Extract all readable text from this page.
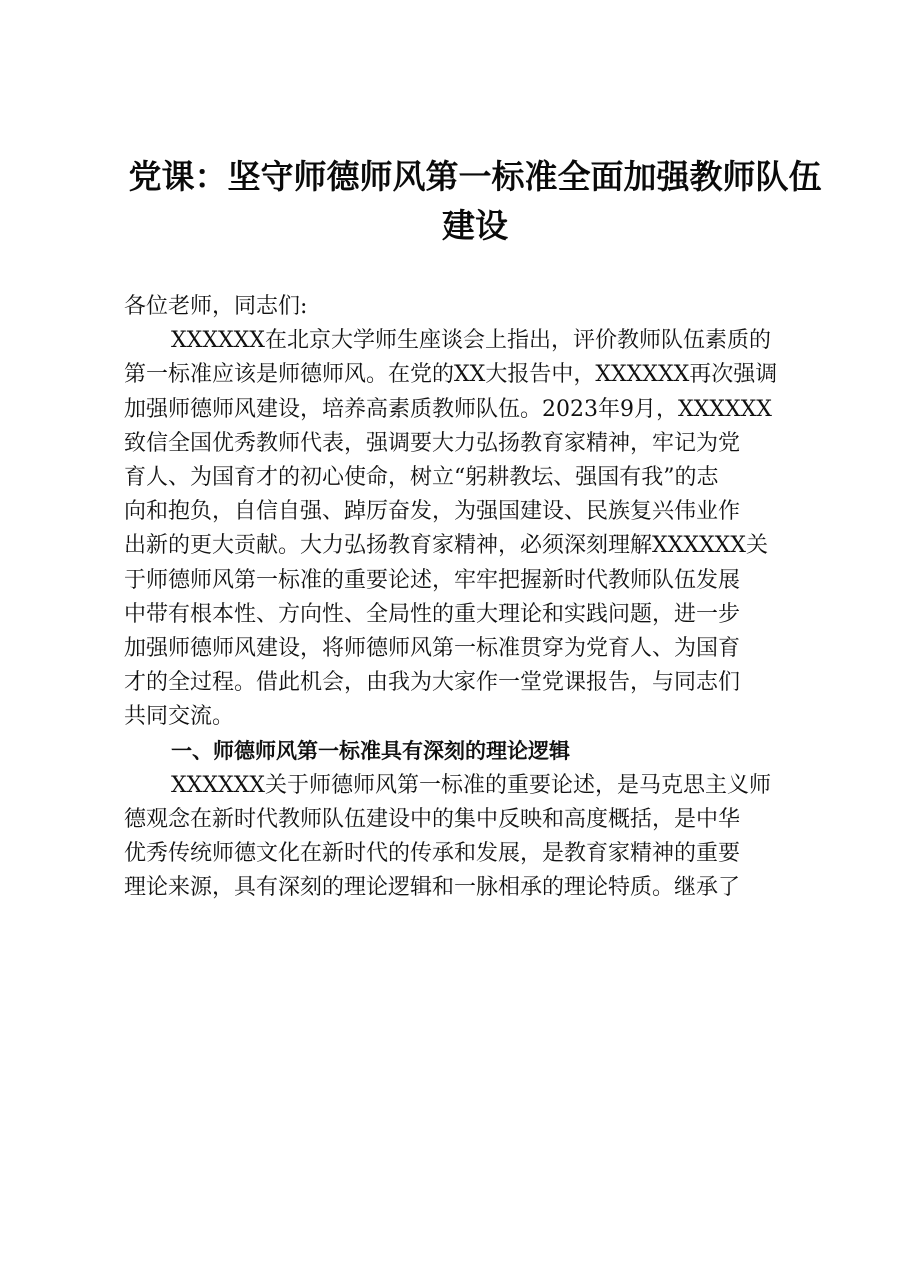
党课：坚守师德师风第一标准全面加强教师队伍
建设
各位老师，同志们:
XXXXXX在北京大学师生座谈会上指出，评价教师队伍素质的
第一标准应该是师德师风。在党的XX大报告中，XXXXXX再次强调
加强师德师风建设，培养高素质教师队伍。2023年9月，XXXXXX
致信全国优秀教师代表，强调要大力弘扬教育家精神，牢记为党
育人、为国育才的初心使命，树立“躬耕教坛、强国有我”的志
向和抱负，自信自强、踔厉奋发，为强国建设、民族复兴伟业作
出新的更大贡献。大力弘扬教育家精神，必须深刻理解XXXXXX关
于师德师风第一标准的重要论述，牢牢把握新时代教师队伍发展
中带有根本性、方向性、全局性的重大理论和实践问题，进一步
加强师德师风建设，将师德师风第一标准贯穿为党育人、为国育
才的全过程。借此机会，由我为大家作一堂党课报告，与同志们
共同交流。
一、师德师风第一标准具有深刻的理论逻辑
XXXXXX关于师德师风第一标准的重要论述，是马克思主义师
德观念在新时代教师队伍建设中的集中反映和高度概括，是中华
优秀传统师德文化在新时代的传承和发展，是教育家精神的重要
理论来源，具有深刻的理论逻辑和一脉相承的理论特质。继承了
